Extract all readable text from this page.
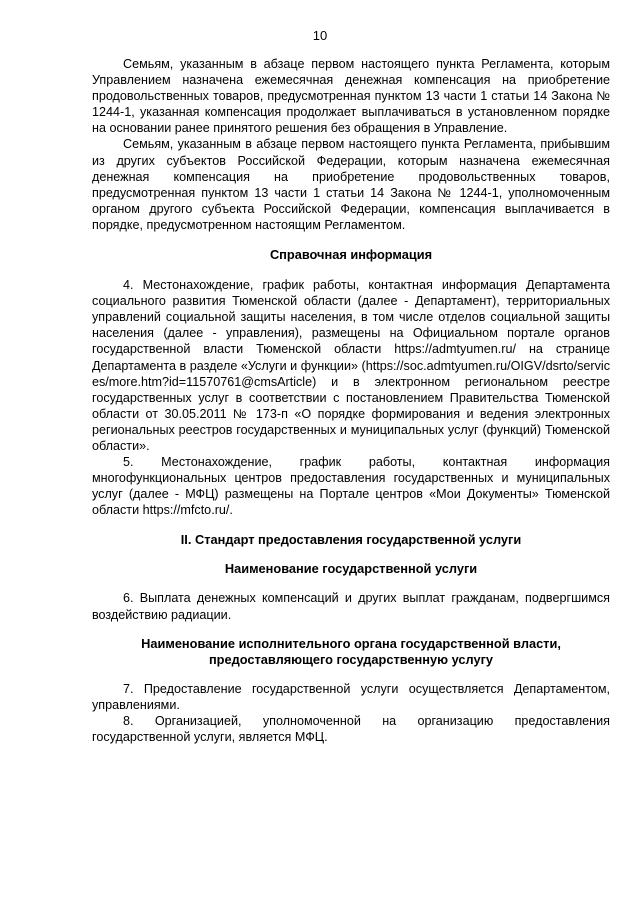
10

Семьям, указанным в абзаце первом настоящего пункта Регламента, которым Управлением назначена ежемесячная денежная компенсация на приобретение продовольственных товаров, предусмотренная пунктом 13 части 1 статьи 14 Закона № 1244-1, указанная компенсация продолжает выплачиваться в установленном порядке на основании ранее принятого решения без обращения в Управление.

Семьям, указанным в абзаце первом настоящего пункта Регламента, прибывшим из других субъектов Российской Федерации, которым назначена ежемесячная денежная компенсация на приобретение продовольственных товаров, предусмотренная пунктом 13 части 1 статьи 14 Закона № 1244-1, уполномоченным органом другого субъекта Российской Федерации, компенсация выплачивается в порядке, предусмотренном настоящим Регламентом.

Справочная информация

4. Местонахождение, график работы, контактная информация Департамента социального развития Тюменской области (далее - Департамент), территориальных управлений социальной защиты населения, в том числе отделов социальной защиты населения (далее - управления), размещены на Официальном портале органов государственной власти Тюменской области https://admtyumen.ru/ на странице Департамента в разделе «Услуги и функции» (https://soc.admtyumen.ru/OIGV/dsrto/services/more.htm?id=11570761@cmsArticle) и в электронном региональном реестре государственных услуг в соответствии с постановлением Правительства Тюменской области от 30.05.2011 № 173-п «О порядке формирования и ведения электронных региональных реестров государственных и муниципальных услуг (функций) Тюменской области».

5. Местонахождение, график работы, контактная информация многофункциональных центров предоставления государственных и муниципальных услуг (далее - МФЦ) размещены на Портале центров «Мои Документы» Тюменской области https://mfcto.ru/.

II. Стандарт предоставления государственной услуги
Наименование государственной услуги

6. Выплата денежных компенсаций и других выплат гражданам, подвергшимся воздействию радиации.

Наименование исполнительного органа государственной власти, предоставляющего государственную услугу

7. Предоставление государственной услуги осуществляется Департаментом, управлениями.

8. Организацией, уполномоченной на организацию предоставления государственной услуги, является МФЦ.
